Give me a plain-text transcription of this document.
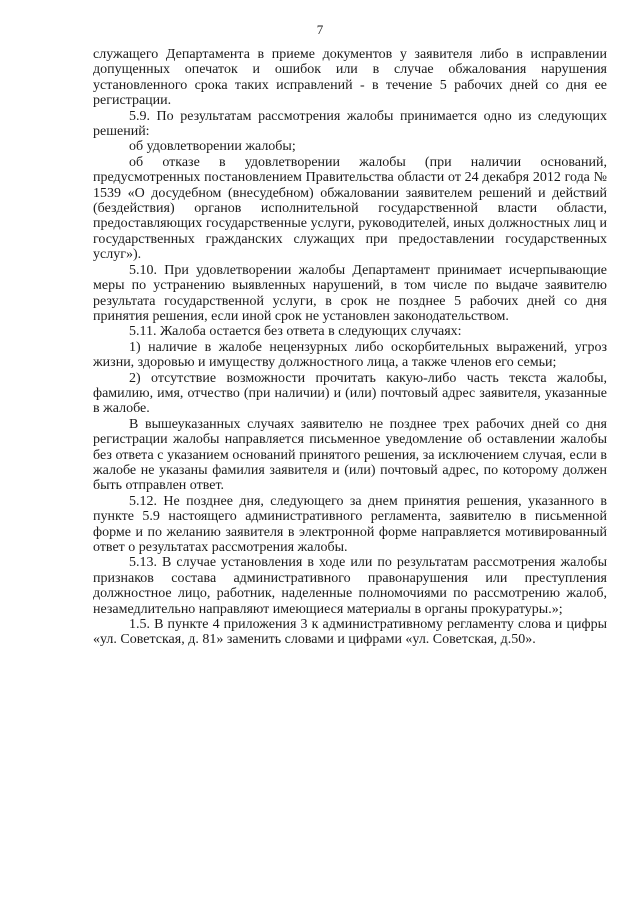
7

служащего Департамента в приеме документов у заявителя либо в исправлении допущенных опечаток и ошибок или в случае обжалования нарушения установленного срока таких исправлений - в течение 5 рабочих дней со дня ее регистрации.

5.9. По результатам рассмотрения жалобы принимается одно из следующих решений:

об удовлетворении жалобы;

об отказе в удовлетворении жалобы (при наличии оснований, предусмотренных постановлением Правительства области от 24 декабря 2012 года № 1539 «О досудебном (внесудебном) обжаловании заявителем решений и действий (бездействия) органов исполнительной государственной власти области, предоставляющих государственные услуги, руководителей, иных должностных лиц и государственных гражданских служащих при предоставлении государственных услуг»).

5.10. При удовлетворении жалобы Департамент принимает исчерпывающие меры по устранению выявленных нарушений, в том числе по выдаче заявителю результата государственной услуги, в срок не позднее 5 рабочих дней со дня принятия решения, если иной срок не установлен законодательством.

5.11. Жалоба остается без ответа в следующих случаях:

1) наличие в жалобе нецензурных либо оскорбительных выражений, угроз жизни, здоровью и имуществу должностного лица, а также членов его семьи;

2) отсутствие возможности прочитать какую-либо часть текста жалобы, фамилию, имя, отчество (при наличии) и (или) почтовый адрес заявителя, указанные в жалобе.

В вышеуказанных случаях заявителю не позднее трех рабочих дней со дня регистрации жалобы направляется письменное уведомление об оставлении жалобы без ответа с указанием оснований принятого решения, за исключением случая, если в жалобе не указаны фамилия заявителя и (или) почтовый адрес, по которому должен быть отправлен ответ.

5.12. Не позднее дня, следующего за днем принятия решения, указанного в пункте 5.9 настоящего административного регламента, заявителю в письменной форме и по желанию заявителя в электронной форме направляется мотивированный ответ о результатах рассмотрения жалобы.

5.13. В случае установления в ходе или по результатам рассмотрения жалобы признаков состава административного правонарушения или преступления должностное лицо, работник, наделенные полномочиями по рассмотрению жалоб, незамедлительно направляют имеющиеся материалы в органы прокуратуры.»;

1.5. В пункте 4 приложения 3 к административному регламенту слова и цифры «ул. Советская, д. 81» заменить словами и цифрами «ул. Советская, д.50».
